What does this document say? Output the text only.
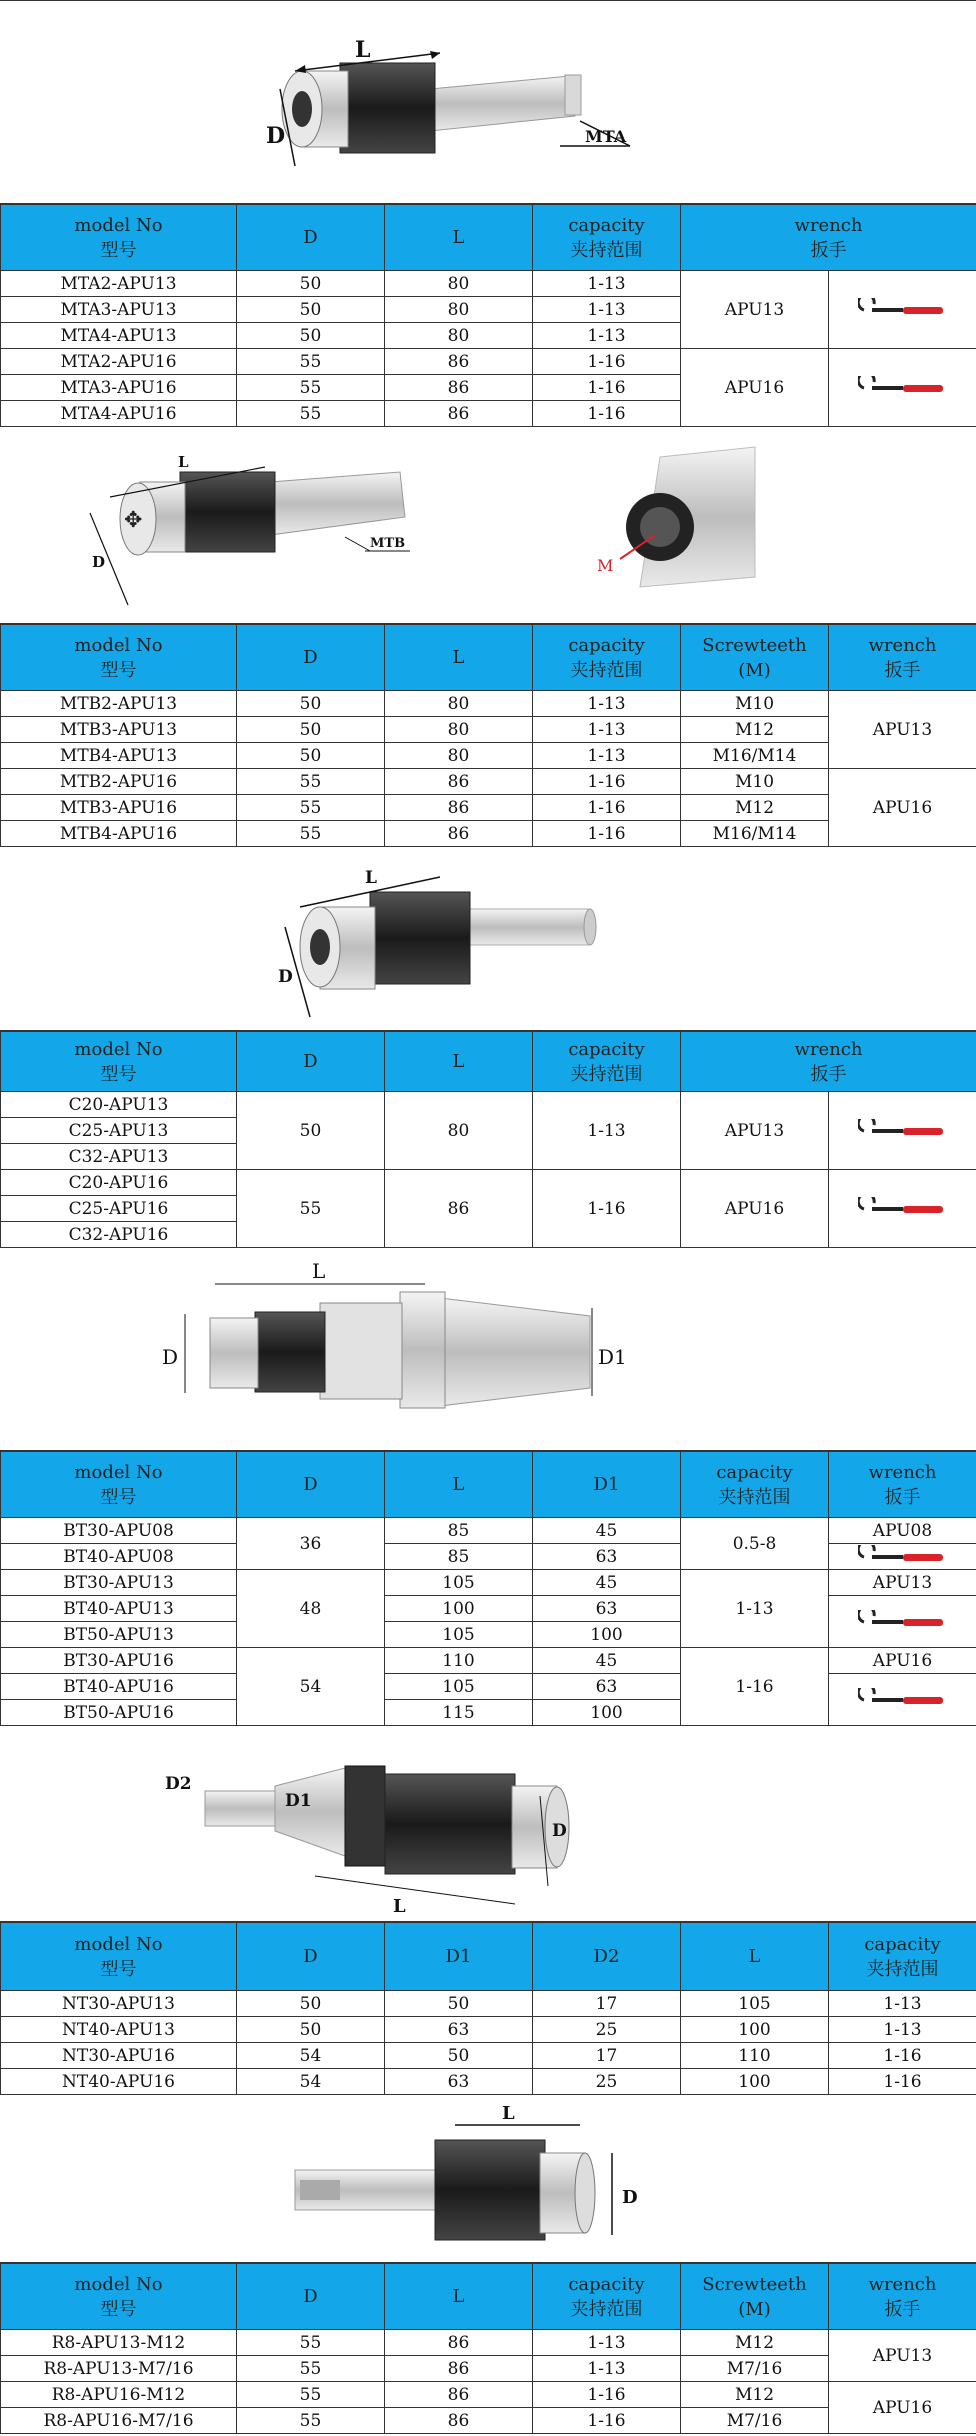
L
D	MTA
model No
型号	D	L	capacity
夹持范围	wrench
扳手	
MTA2-APU13	50	80	1-13	APU13	
MTA3-APU13	50	80	1-13		
MTA4-APU13	50	80	1-13		
MTA2-APU16	55	86	1-16	APU16	
MTA3-APU16	55	86	1-16		
MTA4-APU16	55	86	1-16		
✥
L
D
MTB
M
model No
型号	D	L	capacity
夹持范围	Screwteeth
(M)	wrench
扳手
MTB2-APU13	50	80	1-13	M10	APU13
MTB3-APU13	50	80	1-13	M12	
MTB4-APU13	50	80	1-13	M16/M14	
MTB2-APU16	55	86	1-16	M10	APU16
MTB3-APU16	55	86	1-16	M12	
MTB4-APU16	55	86	1-16	M16/M14	
L
D
model No
型号	D	L	capacity
夹持范围	wrench
扳手	
C20-APU13	50	80	1-13	APU13	
C25-APU13					
C32-APU13					
C20-APU16	55	86	1-16	APU16	
C25-APU16					
C32-APU16					
L
D	D1
model No
型号	D	L	D1	capacity
夹持范围	wrench
扳手
BT30-APU08	36	85	45	0.5-8	APU08
BT40-APU08		85	63	
BT30-APU13	48	105	45	1-13	APU13
BT40-APU13		100	63	
BT50-APU13		105	100		
BT30-APU16	54	110	45	1-16	APU16
BT40-APU16		105	63	
BT50-APU16		115	100		
D2
D1
D
L
model No
型号	D	D1	D2	L	capacity
夹持范围
NT30-APU13	50	50	17	105	1-13
NT40-APU13	50	63	25	100	1-13
NT30-APU16	54	50	17	110	1-16
NT40-APU16	54	63	25	100	1-16
L
D
model No
型号	D	L	capacity
夹持范围	Screwteeth
(M)	wrench
扳手
R8-APU13-M12	55	86	1-13	M12	APU13
R8-APU13-M7/16	55	86	1-13	M7/16	
R8-APU16-M12	55	86	1-16	M12	APU16
R8-APU16-M7/16	55	86	1-16	M7/16	
